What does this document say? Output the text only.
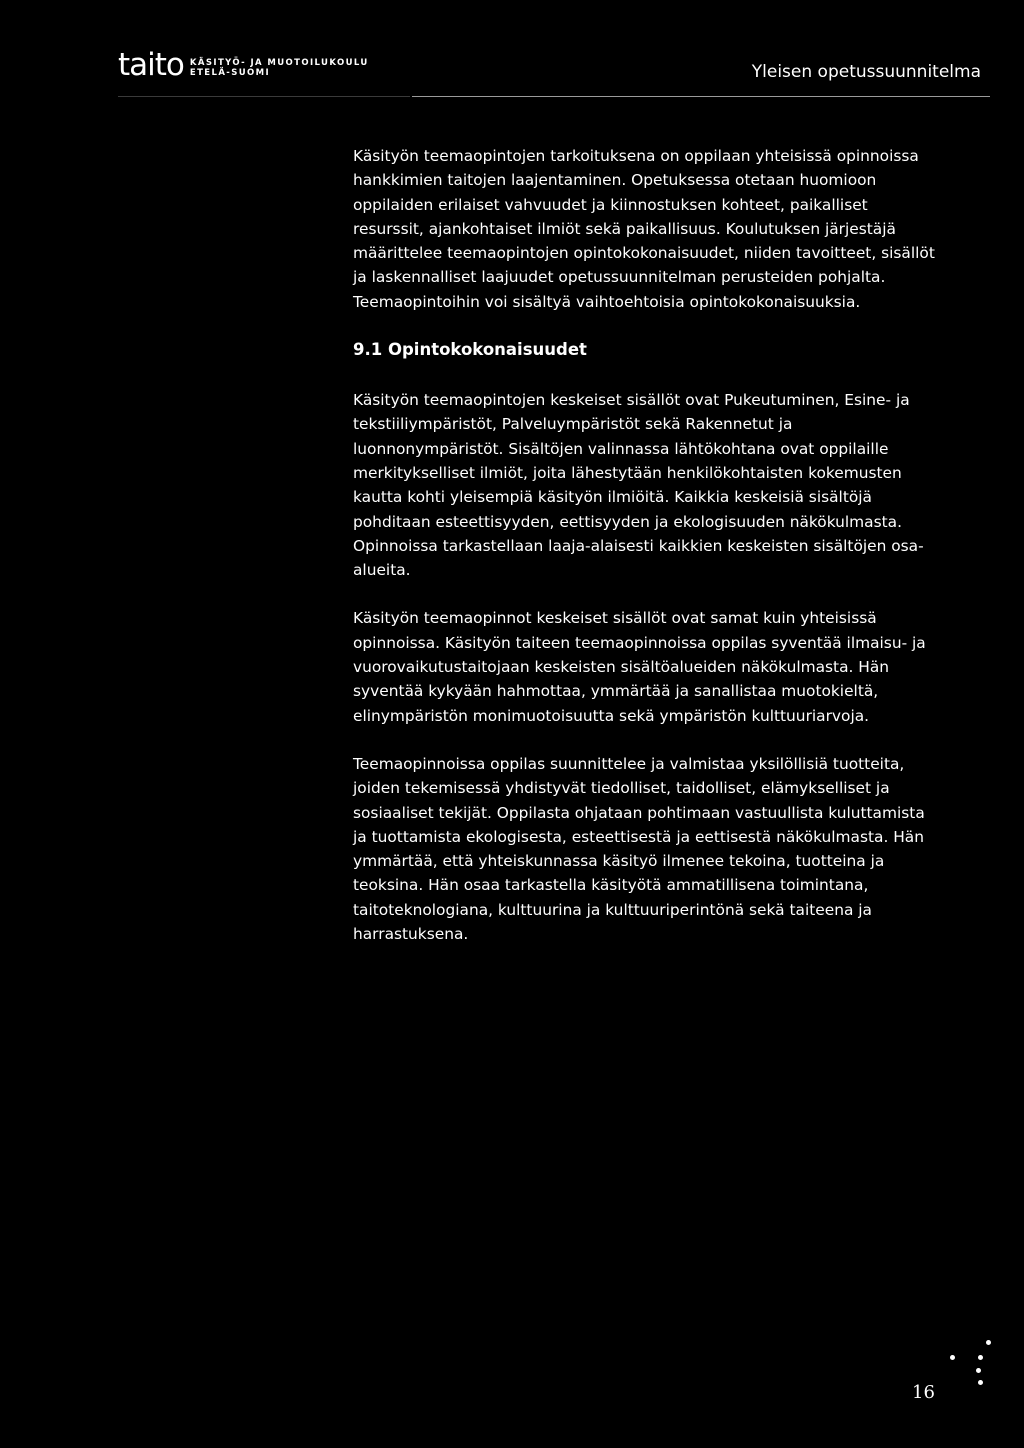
taito KÄSITYÖ- JA MUOTOILUKOULU
ETELÄ-SUOMI	Yleisen opetussuunnitelma

Käsityön teemaopintojen tarkoituksena on oppilaan yhteisissä opinnoissa hankkimien taitojen laajentaminen. Opetuksessa otetaan huomioon oppilaiden erilaiset vahvuudet ja kiinnostuksen kohteet, paikalliset resurssit, ajankohtaiset ilmiöt sekä paikallisuus. Koulutuksen järjestäjä määrittelee teemaopintojen opintokokonaisuudet, niiden tavoitteet, sisällöt ja laskennalliset laajuudet opetussuunnitelman perusteiden pohjalta. Teemaopintoihin voi sisältyä vaihtoehtoisia opintokokonaisuuksia.

9.1 Opintokokonaisuudet

Käsityön teemaopintojen keskeiset sisällöt ovat Pukeutuminen, Esine- ja tekstiiliympäristöt, Palveluympäristöt sekä Rakennetut ja luonnonympäristöt. Sisältöjen valinnassa lähtökohtana ovat oppilaille merkitykselliset ilmiöt, joita lähestytään henkilökohtaisten kokemusten kautta kohti yleisempiä käsityön ilmiöitä. Kaikkia keskeisiä sisältöjä pohditaan esteettisyyden, eettisyyden ja ekologisuuden näkökulmasta. Opinnoissa tarkastellaan laaja-alaisesti kaikkien keskeisten sisältöjen osa-alueita.

Käsityön teemaopinnot keskeiset sisällöt ovat samat kuin yhteisissä opinnoissa. Käsityön taiteen teemaopinnoissa oppilas syventää ilmaisu- ja vuorovaikutustaitojaan keskeisten sisältöalueiden näkökulmasta. Hän syventää kykyään hahmottaa, ymmärtää ja sanallistaa muotokieltä, elinympäristön monimuotoisuutta sekä ympäristön kulttuuriarvoja.

Teemaopinnoissa oppilas suunnittelee ja valmistaa yksilöllisiä tuotteita, joiden tekemisessä yhdistyvät tiedolliset, taidolliset, elämykselliset ja sosiaaliset tekijät. Oppilasta ohjataan pohtimaan vastuullista kuluttamista ja tuottamista ekologisesta, esteettisestä ja eettisestä näkökulmasta. Hän ymmärtää, että yhteiskunnassa käsityö ilmenee tekoina, tuotteina ja teoksina. Hän osaa tarkastella käsityötä ammatillisena toimintana, taitoteknologiana, kulttuurina ja kulttuuriperintönä sekä taiteena ja harrastuksena.

16
